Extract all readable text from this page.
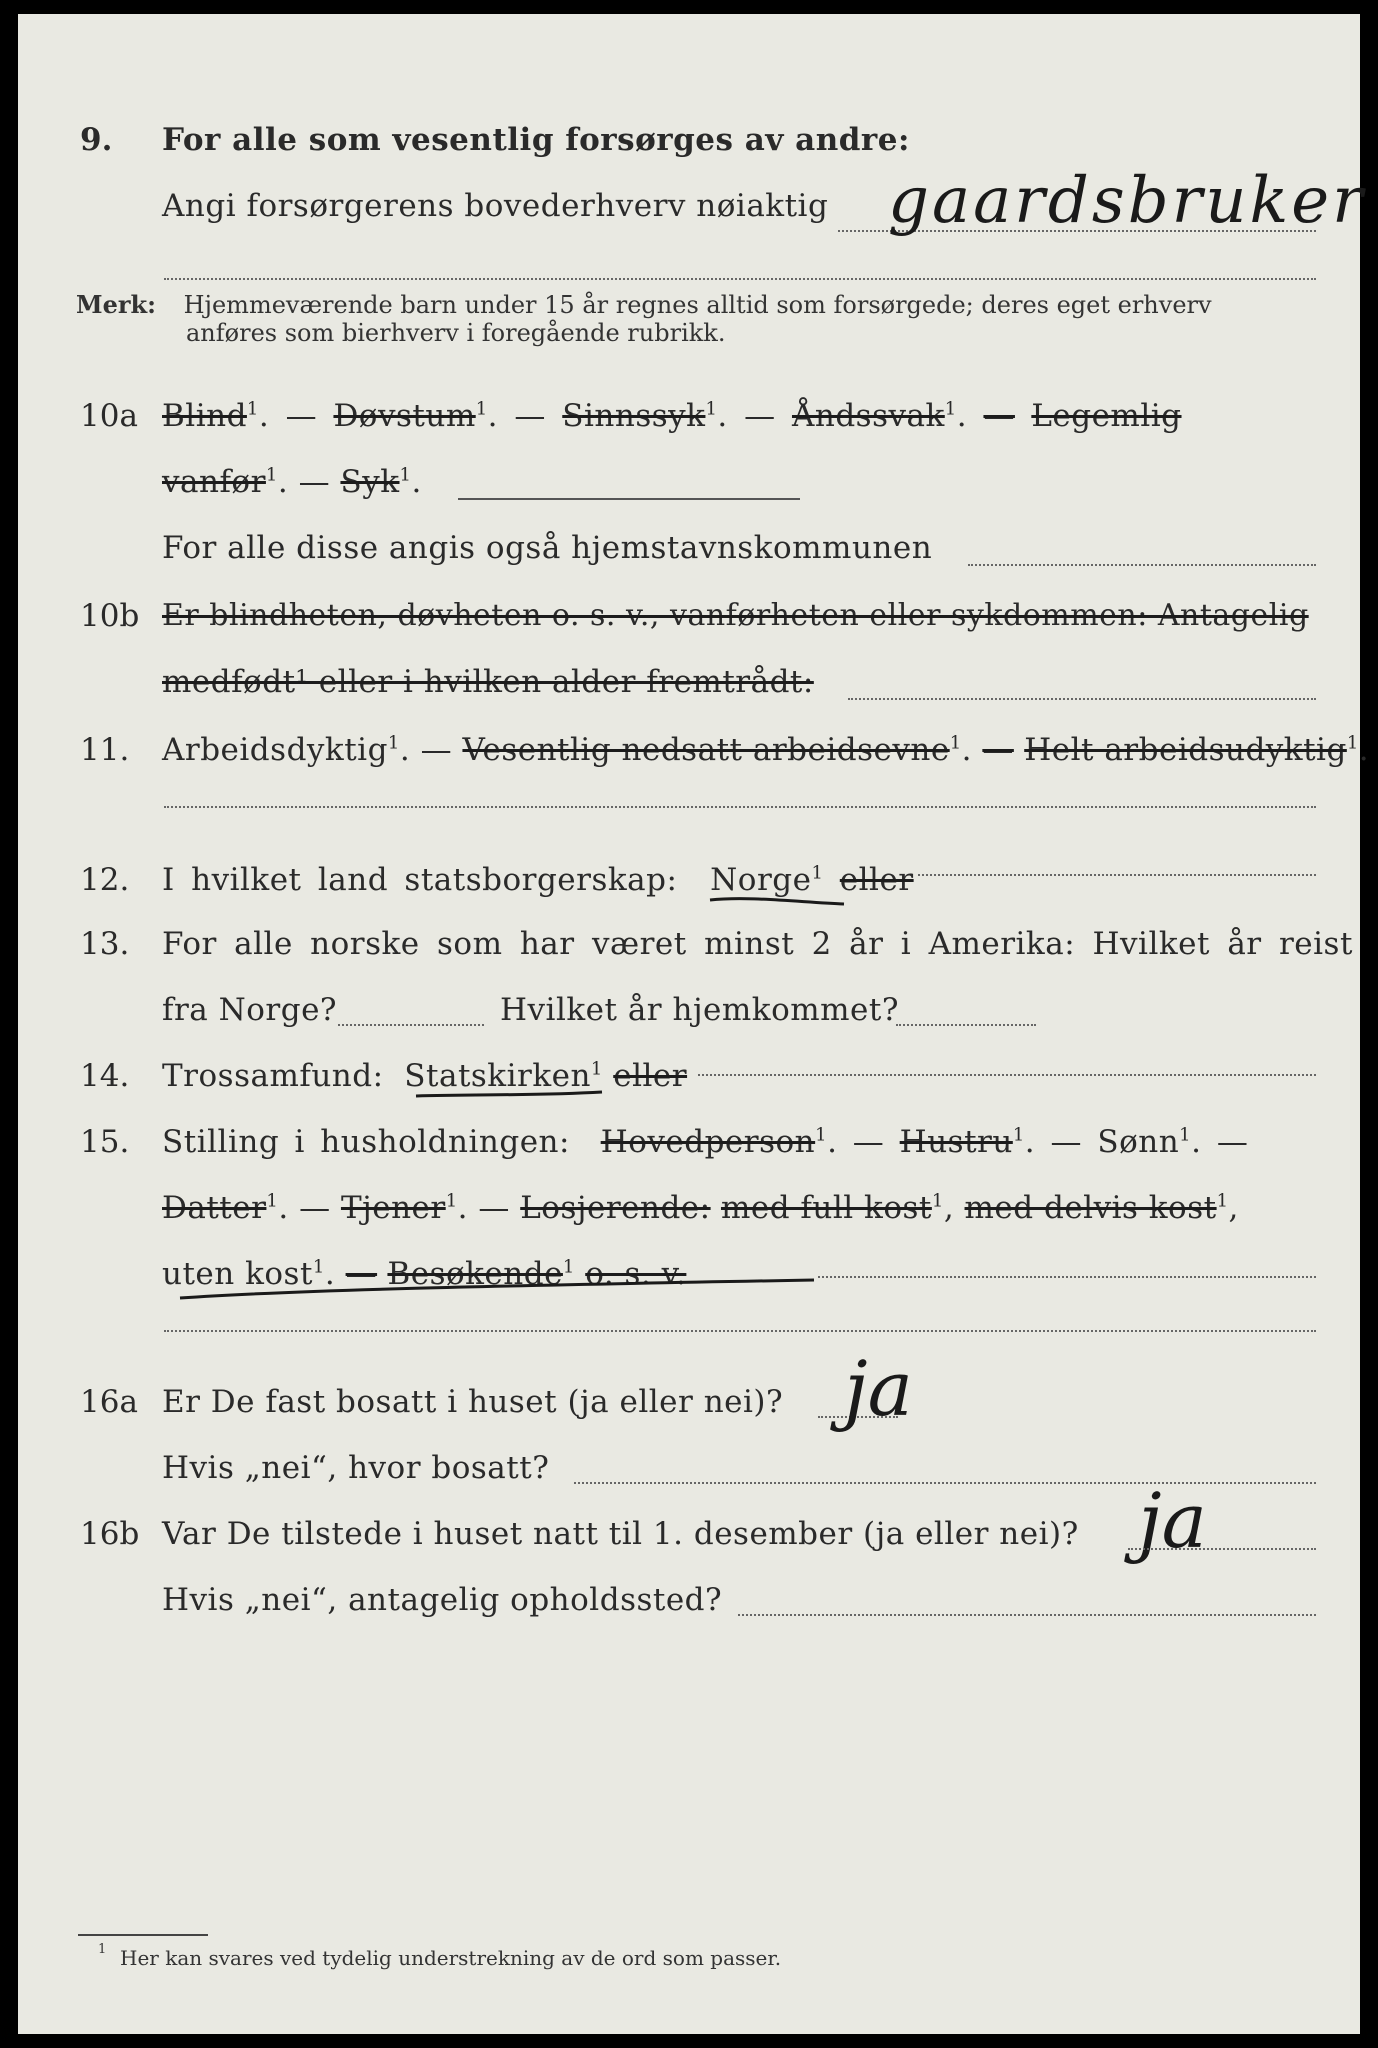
9. For alle som vesentlig forsørges av andre:
Angi forsørgerens bovederhverv nøiaktig gaardsbruker
Merk: Hjemmeværende barn under 15 år regnes alltid som forsørgede; deres eget erhverv
anføres som bierhverv i foregående rubrikk.
10a Blind$^1$. — Døvstum$^1$. — Sinnssyk$^1$. — Åndssvak$^1$. — Legemlig
vanfør$^1$. — Syk$^1$.
For alle disse angis også hjemstavnskommunen
10b Er blindheten, døvheten o. s. v., vanførheten eller sykdommen: Antagelig
medfødt¹ eller i hvilken alder fremtrådt:
11. Arbeidsdyktig$^1$. — Vesentlig nedsatt arbeidsevne$^1$. — Helt arbeidsudyktig$^1$.
12. I hvilket land statsborgerskap: Norge$^1$ eller
13. For alle norske som har været minst 2 år i Amerika: Hvilket år reist
fra Norge?	Hvilket år hjemkommet?
14. Trossamfund: Statskirken$^1$ eller
15. Stilling i husholdningen: Hovedperson$^1$. — Hustru$^1$. — Sønn$^1$. —
Datter$^1$. — Tjener$^1$. — Losjerende: med full kost$^1$, med delvis kost$^1$,
uten kost$^1$. — Besøkende$^1$ o. s. v.
16a Er De fast bosatt i huset (ja eller nei)? ja
Hvis „nei“, hvor bosatt?
16b Var De tilstede i huset natt til 1. desember (ja eller nei)? ja
Hvis „nei“, antagelig opholdssted?
1 Her kan svares ved tydelig understrekning av de ord som passer.
